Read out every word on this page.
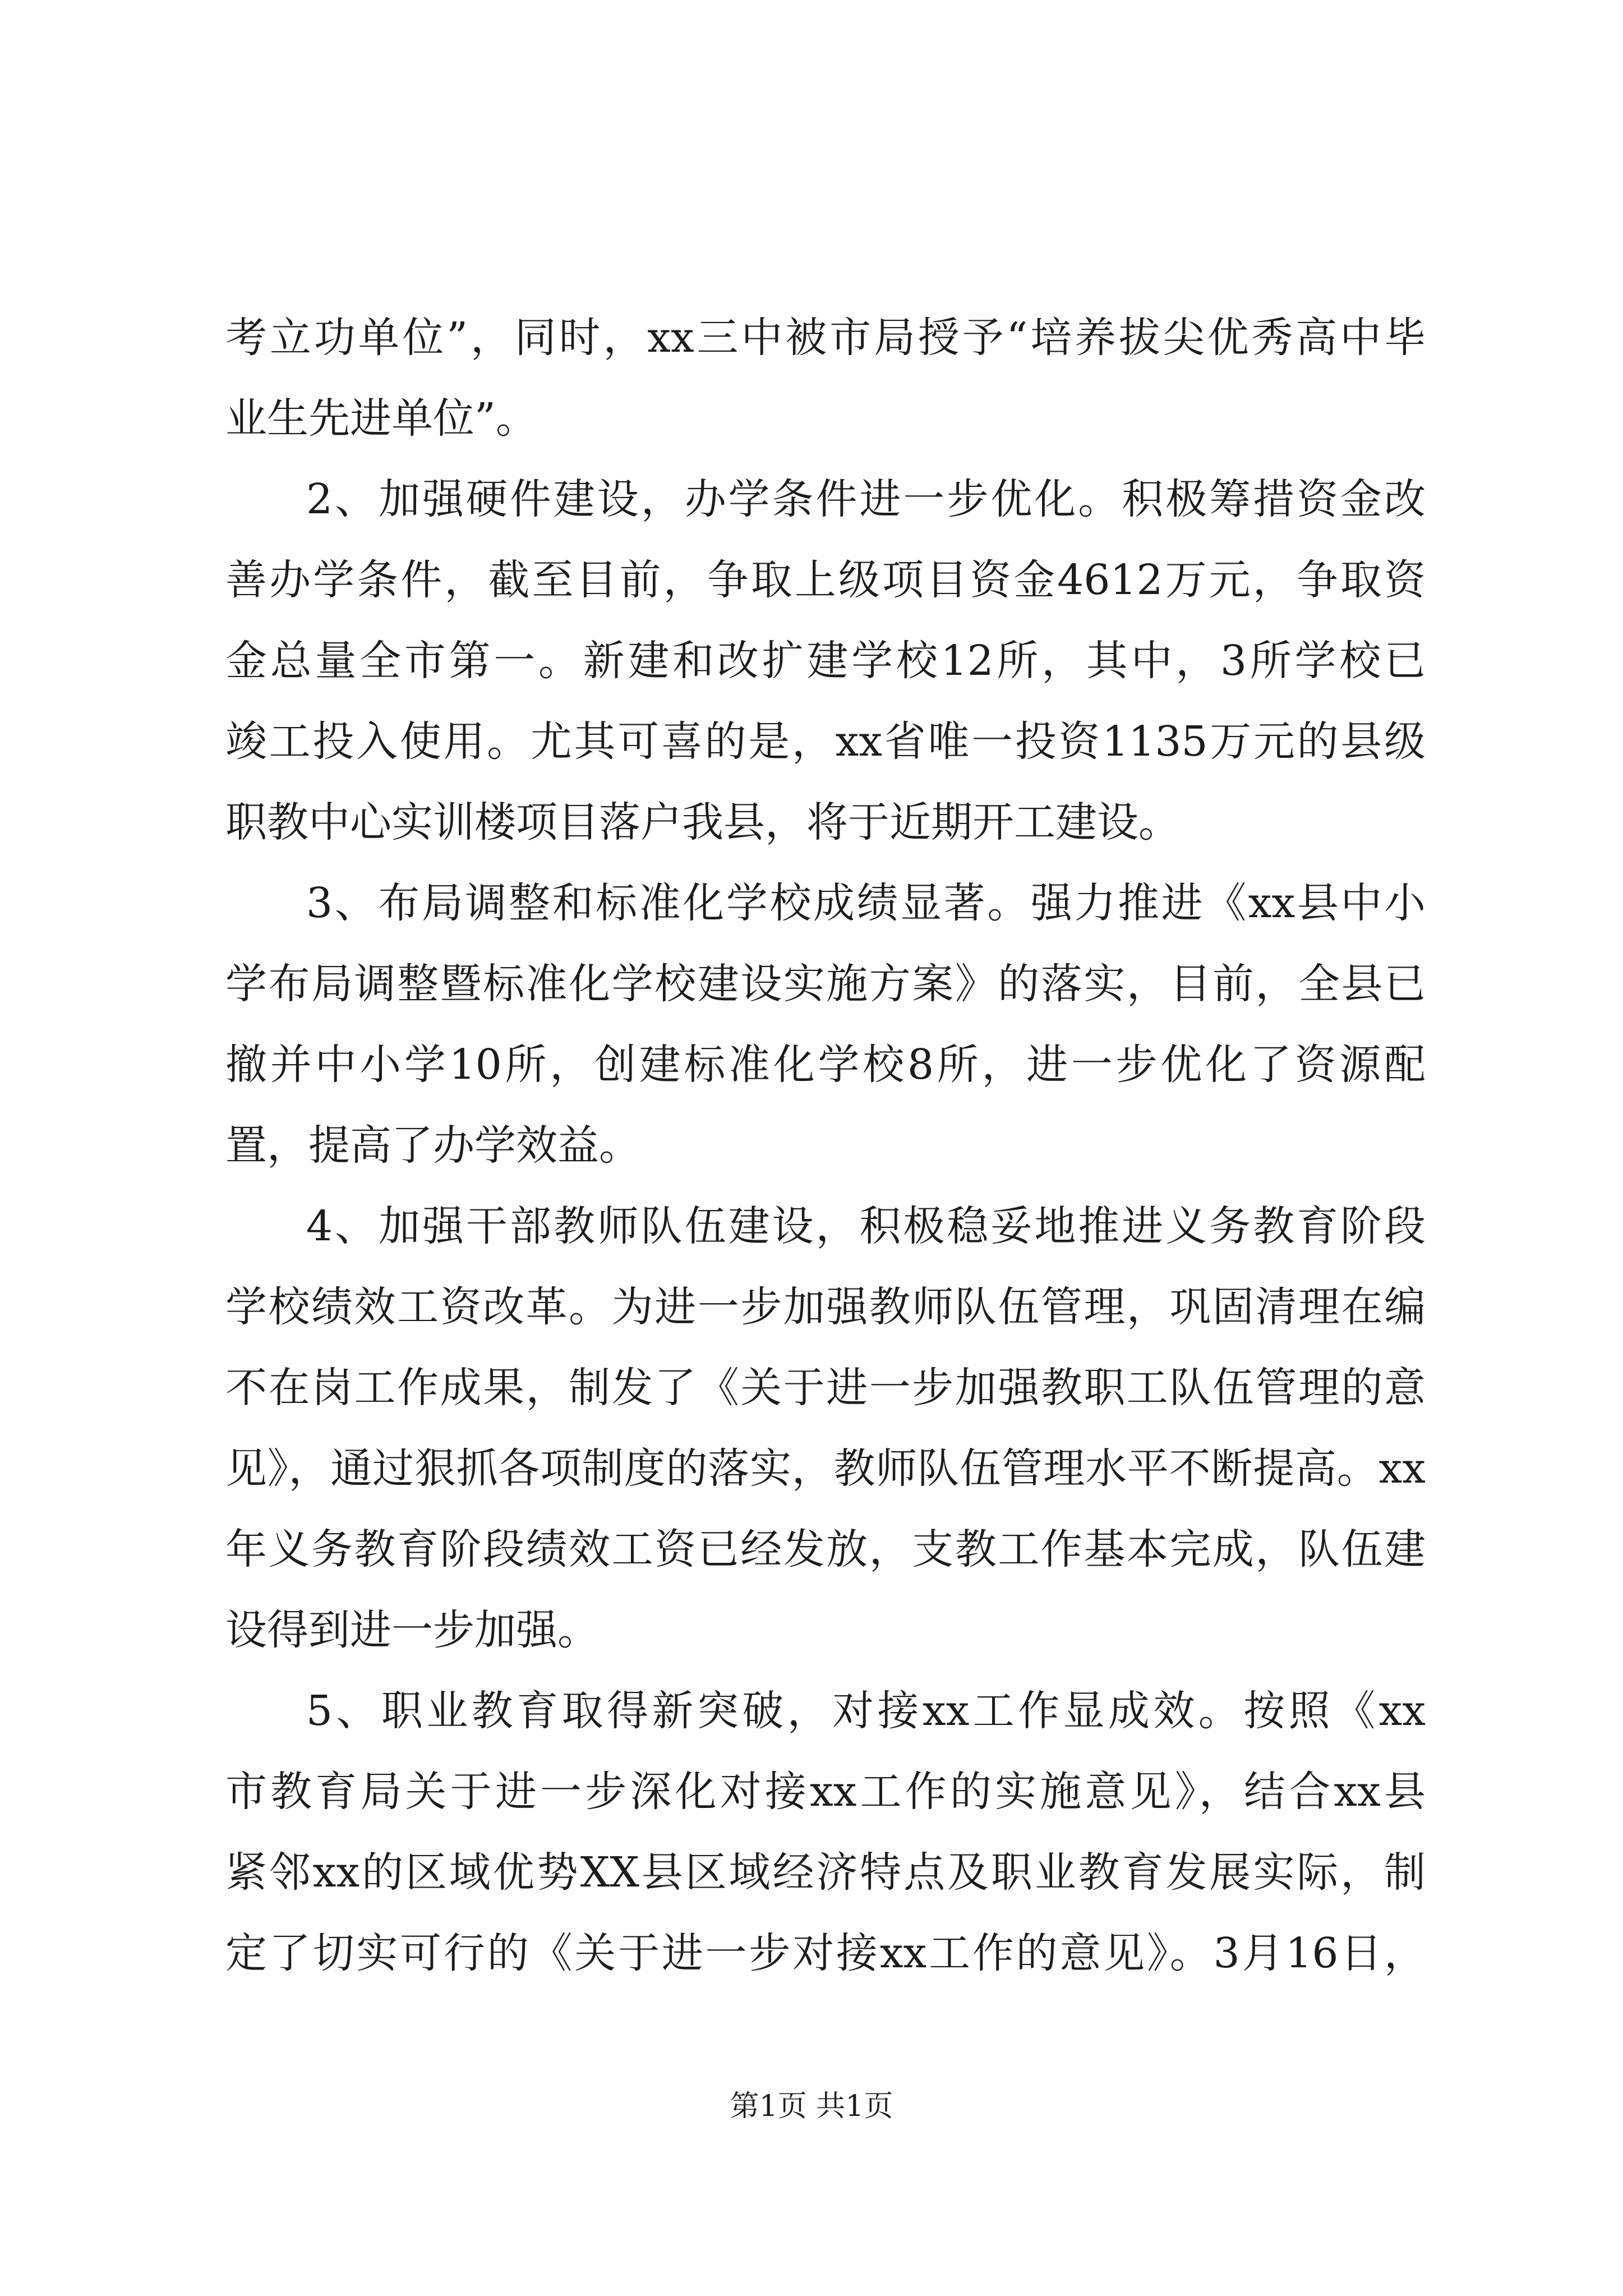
考立功单位”，同时，xx三中被市局授予“培养拔尖优秀高中毕
业生先进单位”。
2、加强硬件建设，办学条件进一步优化。积极筹措资金改
善办学条件，截至目前，争取上级项目资金4612万元，争取资
金总量全市第一。新建和改扩建学校12所，其中，3所学校已
竣工投入使用。尤其可喜的是，xx省唯一投资1135万元的县级
职教中心实训楼项目落户我县，将于近期开工建设。
3、布局调整和标准化学校成绩显著。强力推进《xx县中小
学布局调整暨标准化学校建设实施方案》的落实，目前，全县已
撤并中小学10所，创建标准化学校8所，进一步优化了资源配
置，提高了办学效益。
4、加强干部教师队伍建设，积极稳妥地推进义务教育阶段
学校绩效工资改革。为进一步加强教师队伍管理，巩固清理在编
不在岗工作成果，制发了《关于进一步加强教职工队伍管理的意
见》，通过狠抓各项制度的落实，教师队伍管理水平不断提高。xx
年义务教育阶段绩效工资已经发放，支教工作基本完成，队伍建
设得到进一步加强。
5、职业教育取得新突破，对接xx工作显成效。按照《xx
市教育局关于进一步深化对接xx工作的实施意见》，结合xx县
紧邻xx的区域优势XX县区域经济特点及职业教育发展实际，制
定了切实可行的《关于进一步对接xx工作的意见》。3月16日，
第1页 共1页
